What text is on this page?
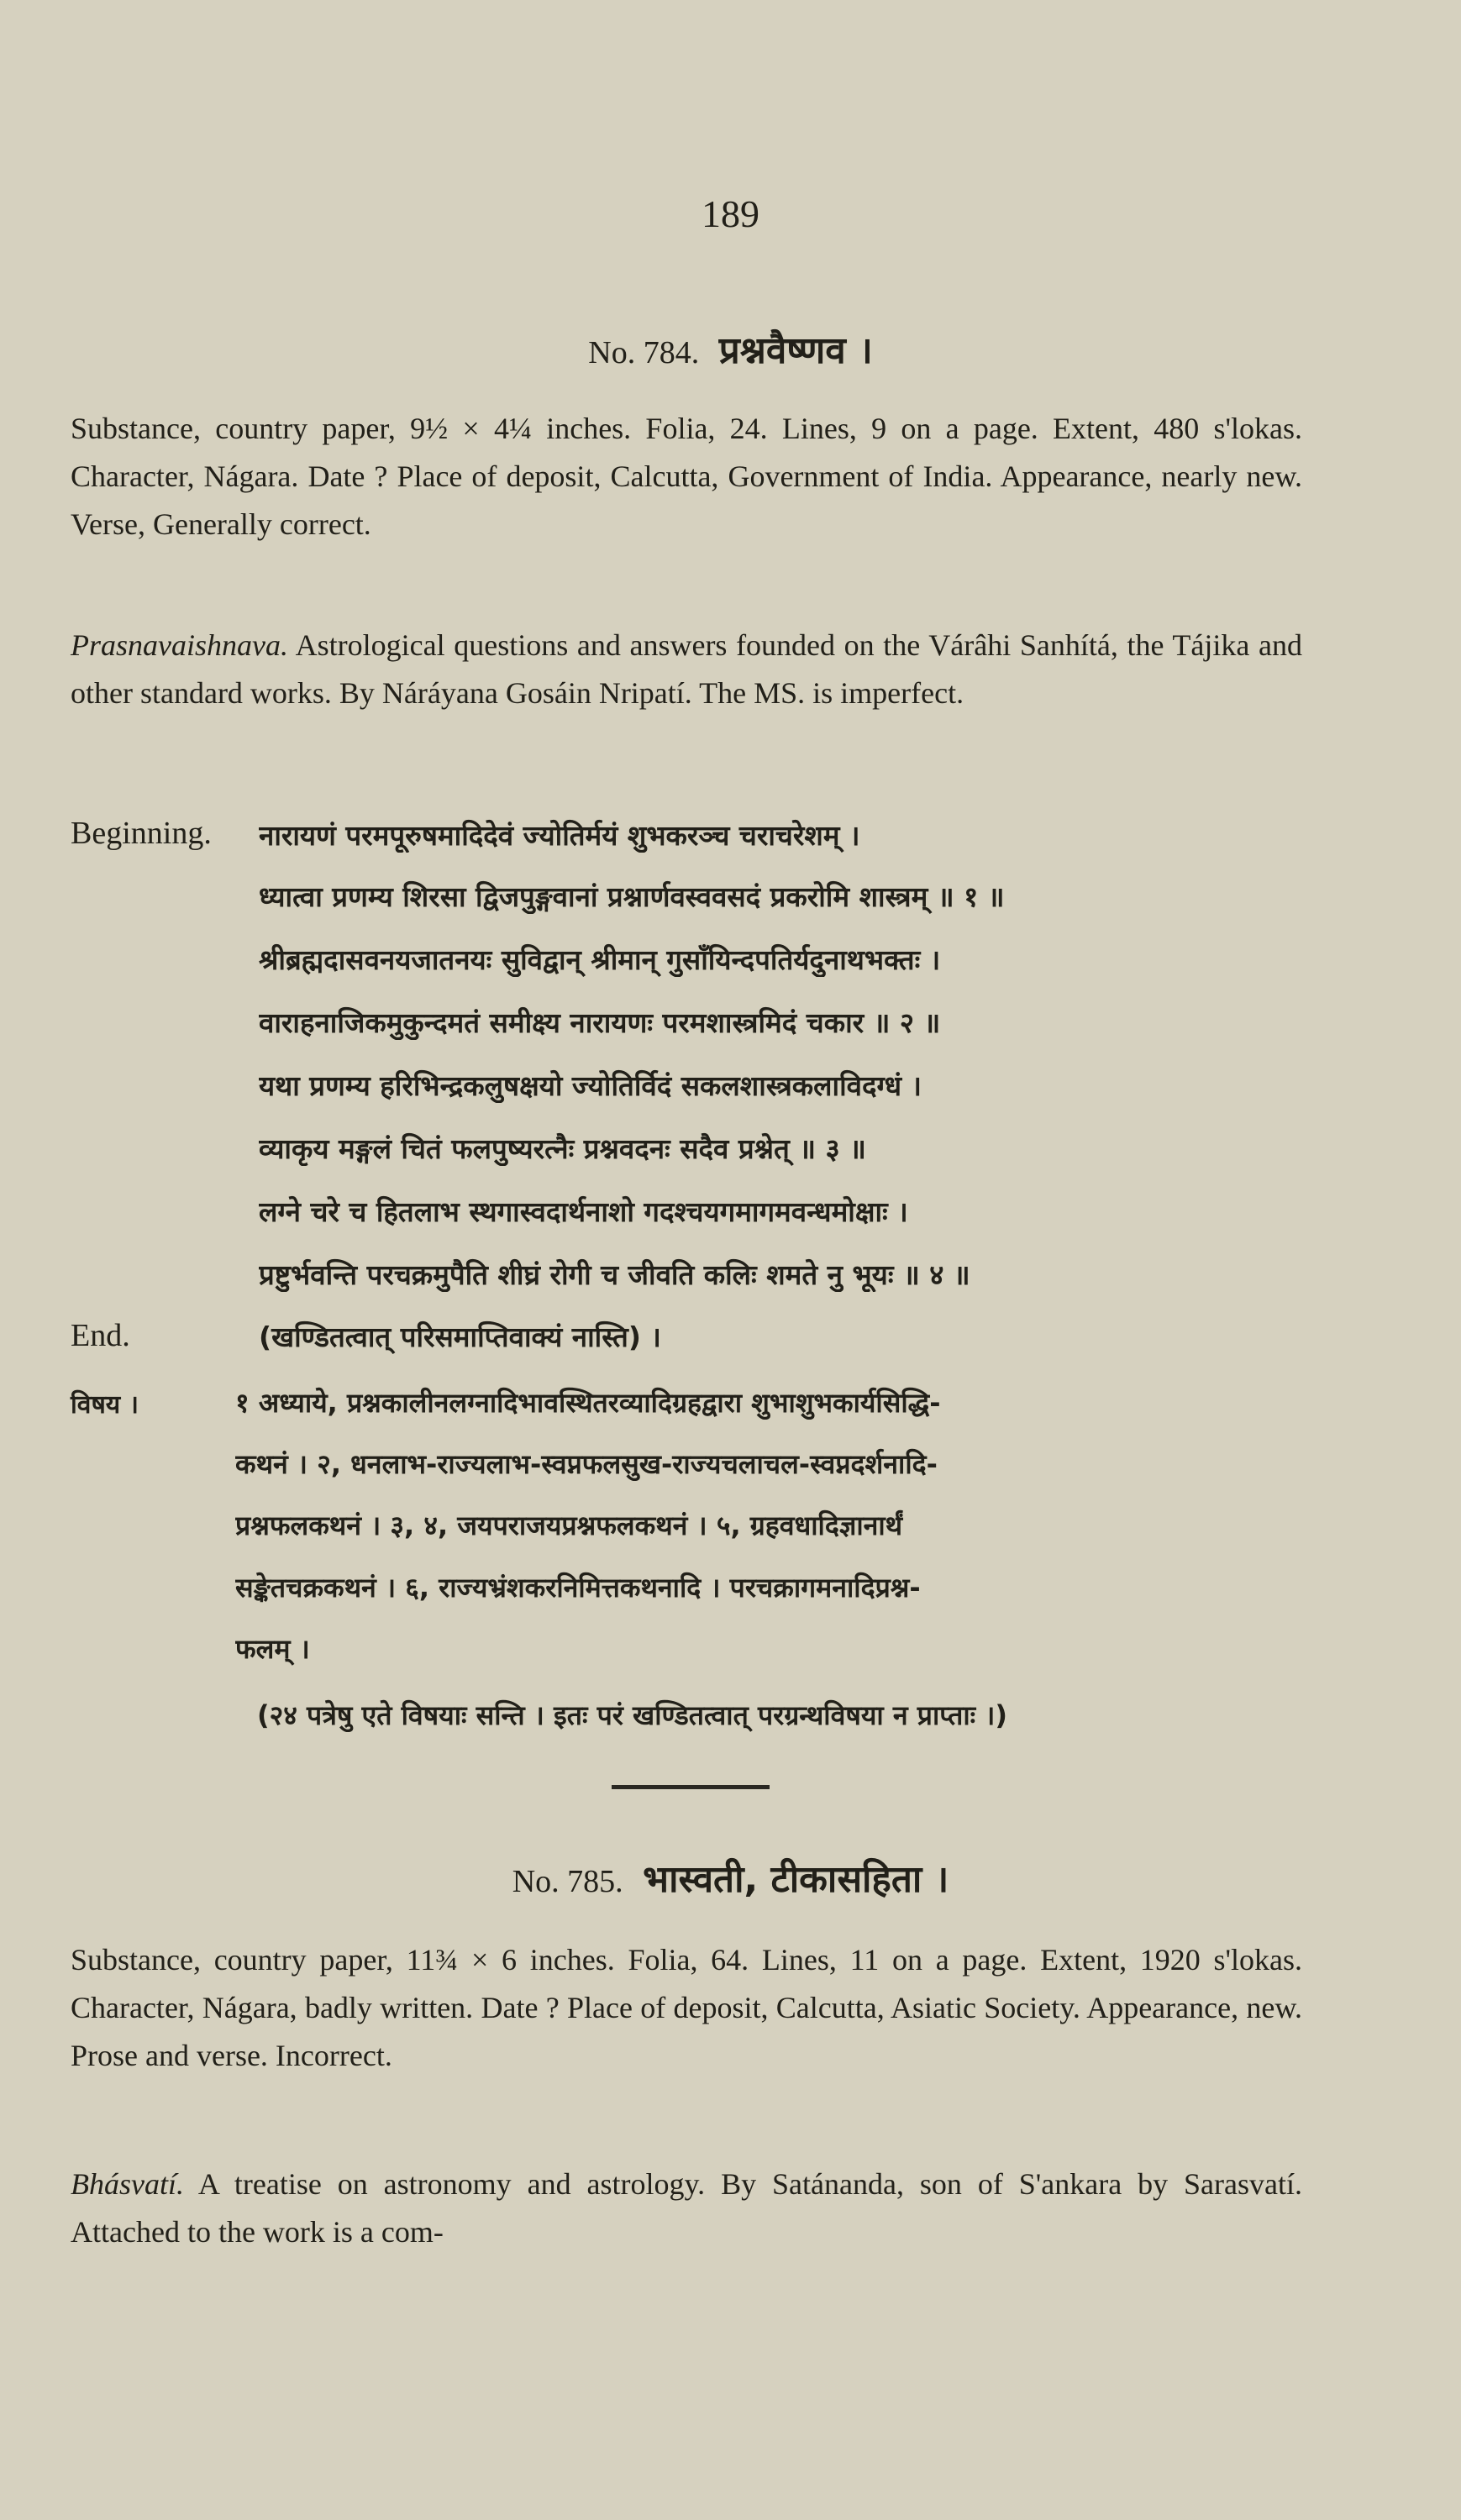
189
No. 784. प्रश्नवैष्णव ।

Substance, country paper, 9½ × 4¼ inches. Folia, 24. Lines, 9 on a page. Extent, 480 s'lokas. Character, Nágara. Date ? Place of deposit, Calcutta, Government of India. Appearance, nearly new. Verse, Generally correct.

Prasnavaishnava. Astrological questions and answers founded on the Várâhi Sanhítá, the Tájika and other standard works. By Náráyana Gosáin Nripatí. The MS. is imperfect.

Beginning. नारायणं परमपूरुषमादिदेवं ज्योतिर्मयं शुभकरञ्च चराचरेशम् ।
ध्यात्वा प्रणम्य शिरसा द्विजपुङ्गवानां प्रश्नार्णवस्ववसदं प्रकरोमि शास्त्रम् ॥ १ ॥
श्रीब्रह्मदासवनयजातनयः सुविद्वान् श्रीमान् गुसाँयिन्दपतिर्यदुनाथभक्तः ।
वाराहनाजिकमुकुन्दमतं समीक्ष्य नारायणः परमशास्त्रमिदं चकार ॥ २ ॥
यथा प्रणम्य हरिभिन्द्रकलुषक्षयो ज्योतिर्विदं सकलशास्त्रकलाविदग्धं ।
व्याकृय मङ्गलं चितं फलपुष्यरत्नैः प्रश्नवदनः सदैव प्रश्नेत् ॥ ३ ॥
लग्ने चरे च हितलाभ स्थगास्वदार्थनाशो गदश्चयगमागमवन्धमोक्षाः ।
प्रष्टुर्भवन्ति परचक्रमुपैति शीघ्रं रोगी च जीवति कलिः शमते नु भूयः ॥ ४ ॥
End.	(खण्डितत्वात् परिसमाप्तिवाक्यं नास्ति) ।
विषय ।	१ अध्याये, प्रश्नकालीनलग्नादिभावस्थितरव्यादिग्रहद्वारा शुभाशुभकार्यसिद्धि-
कथनं । २, धनलाभ-राज्यलाभ-स्वप्नफलसुख-राज्यचलाचल-स्वप्नदर्शनादि-
प्रश्नफलकथनं । ३, ४, जयपराजयप्रश्नफलकथनं । ५, ग्रहवधादिज्ञानार्थं
सङ्केतचक्रकथनं । ६, राज्यभ्रंशकरनिमित्तकथनादि । परचक्रागमनादिप्रश्न-
फलम् ।
(२४ पत्रेषु एते विषयाः सन्ति । इतः परं खण्डितत्वात् परग्रन्थविषया न प्राप्ताः ।)
No. 785. भास्वती, टीकासहिता ।

Substance, country paper, 11¾ × 6 inches. Folia, 64. Lines, 11 on a page. Extent, 1920 s'lokas. Character, Nágara, badly written. Date ? Place of deposit, Calcutta, Asiatic Society. Appearance, new. Prose and verse. Incorrect.

Bhásvatí. A treatise on astronomy and astrology. By Satánanda, son of S'ankara by Sarasvatí. Attached to the work is a com-
